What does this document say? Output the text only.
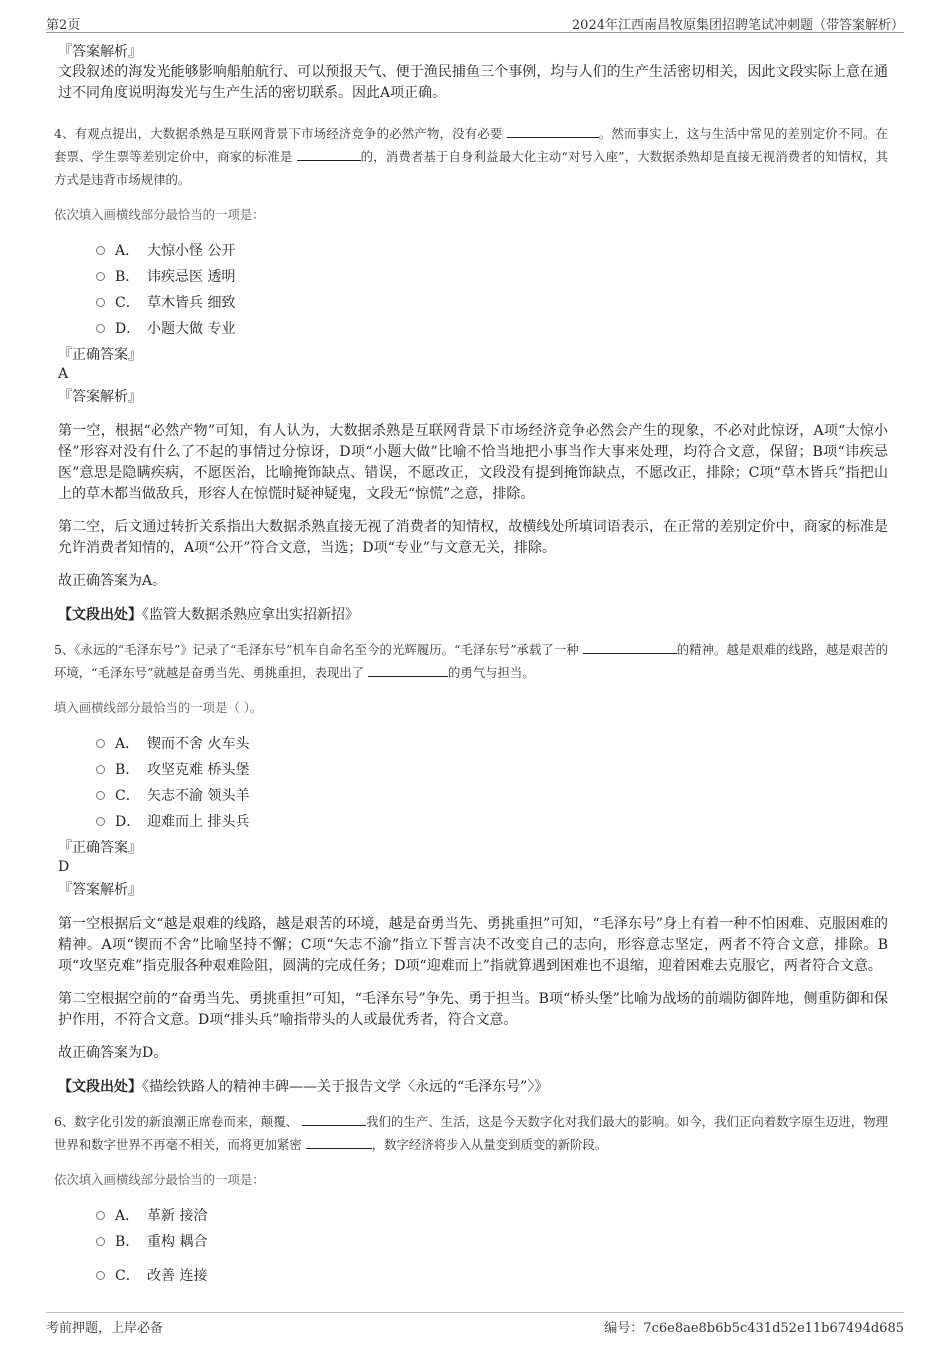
第2页	2024年江西南昌牧原集团招聘笔试冲刺题（带答案解析）
『答案解析』
文段叙述的海发光能够影响船舶航行、可以预报天气、便于渔民捕鱼三个事例，均与人们的生产生活密切相关，因此文段实际上意在通过不同角度说明海发光与生产生活的密切联系。因此A项正确。
4、有观点提出，大数据杀熟是互联网背景下市场经济竞争的必然产物，没有必要	。然而事实上，这与生活中常见的差别定价不同。在套票、学生票等差别定价中，商家的标准是	的，消费者基于自身利益最大化主动“对号入座”，大数据杀熟却是直接无视消费者的知情权，其方式是违背市场规律的。
依次填入画横线部分最恰当的一项是：
A． 大惊小怪 公开
B． 讳疾忌医 透明
C． 草木皆兵 细致
D． 小题大做 专业
『正确答案』
A
『答案解析』
第一空，根据“必然产物”可知，有人认为，大数据杀熟是互联网背景下市场经济竞争必然会产生的现象，不必对此惊讶，A项“大惊小怪”形容对没有什么了不起的事情过分惊讶，D项“小题大做”比喻不恰当地把小事当作大事来处理，均符合文意，保留；B项“讳疾忌医”意思是隐瞒疾病，不愿医治，比喻掩饰缺点、错误，不愿改正，文段没有提到掩饰缺点，不愿改正，排除；C项“草木皆兵”指把山上的草木都当做敌兵，形容人在惊慌时疑神疑鬼，文段无“惊慌”之意，排除。
第二空，后文通过转折关系指出大数据杀熟直接无视了消费者的知情权，故横线处所填词语表示，在正常的差别定价中，商家的标准是允许消费者知情的，A项“公开”符合文意，当选；D项“专业”与文意无关，排除。
故正确答案为A。
【文段出处】《监管大数据杀熟应拿出实招新招》
5、《永远的“毛泽东号”》记录了“毛泽东号”机车自命名至今的光辉履历。“毛泽东号”承载了一种	的精神。越是艰难的线路，越是艰苦的环境，“毛泽东号”就越是奋勇当先、勇挑重担，表现出了	的勇气与担当。
填入画横线部分最恰当的一项是（ ）。
A． 锲而不舍 火车头
B． 攻坚克难 桥头堡
C． 矢志不渝 领头羊
D． 迎难而上 排头兵
『正确答案』
D
『答案解析』
第一空根据后文“越是艰难的线路，越是艰苦的环境，越是奋勇当先、勇挑重担”可知，“毛泽东号”身上有着一种不怕困难、克服困难的精神。A项“锲而不舍”比喻坚持不懈；C项“矢志不渝”指立下誓言决不改变自己的志向，形容意志坚定，两者不符合文意，排除。B项“攻坚克难”指克服各种艰难险阻，圆满的完成任务；D项“迎难而上”指就算遇到困难也不退缩，迎着困难去克服它，两者符合文意。
第二空根据空前的“奋勇当先、勇挑重担”可知，“毛泽东号”争先、勇于担当。B项“桥头堡”比喻为战场的前端防御阵地，侧重防御和保护作用，不符合文意。D项“排头兵”喻指带头的人或最优秀者，符合文意。
故正确答案为D。
【文段出处】《描绘铁路人的精神丰碑——关于报告文学〈永远的“毛泽东号”〉》
6、数字化引发的新浪潮正席卷而来，颠覆、	我们的生产、生活，这是今天数字化对我们最大的影响。如今，我们正向着数字原生迈进，物理世界和数字世界不再毫不相关，而将更加紧密	，数字经济将步入从量变到质变的新阶段。
依次填入画横线部分最恰当的一项是：
A． 革新 接洽
B． 重构 耦合
C． 改善 连接
考前押题，上岸必备	编号：7c6e8ae8b6b5c431d52e11b67494d685
